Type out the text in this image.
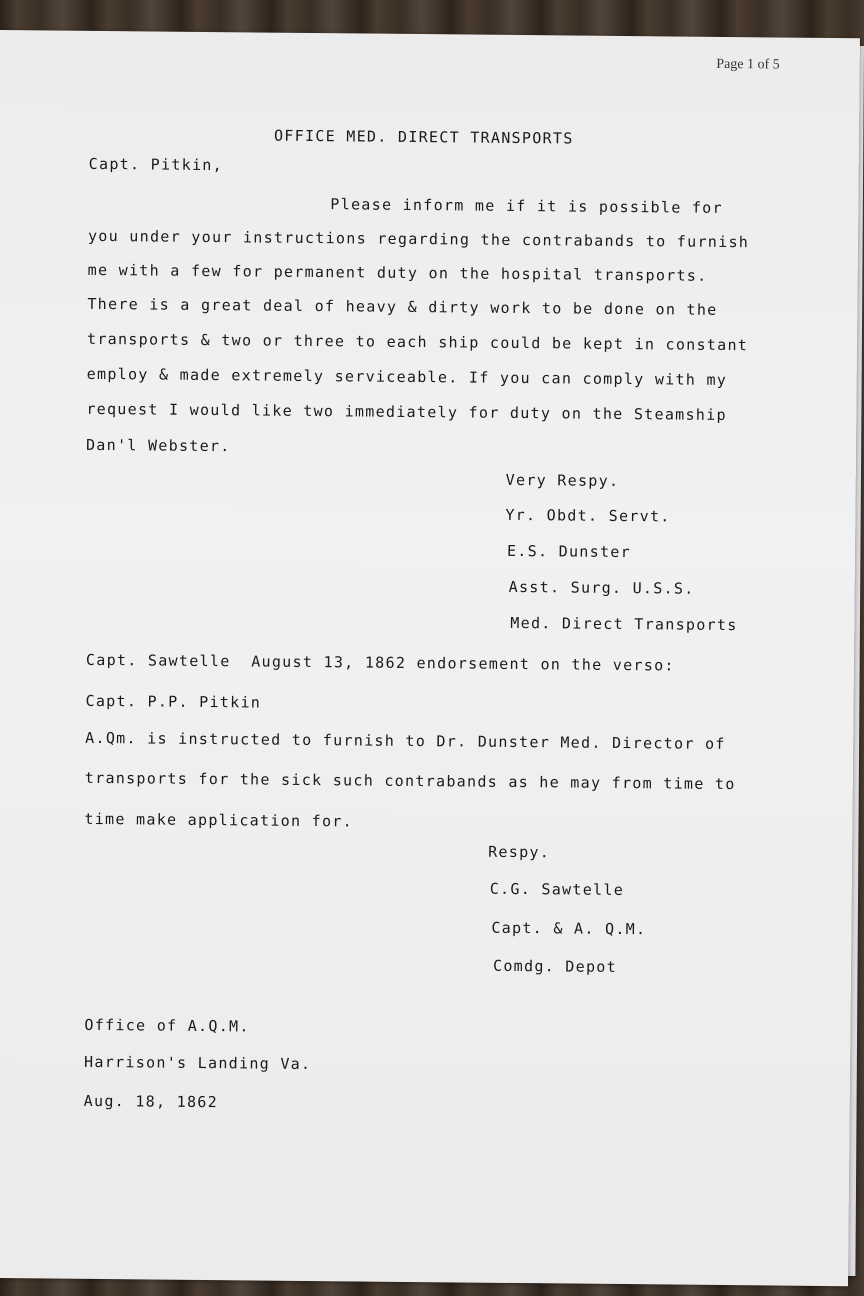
Page 1 of 5
OFFICE MED. DIRECT TRANSPORTS
Capt. Pitkin,
Please inform me if it is possible for
you under your instructions regarding the contrabands to furnish
me with a few for permanent duty on the hospital transports.
There is a great deal of heavy & dirty work to be done on the
transports & two or three to each ship could be kept in constant
employ & made extremely serviceable. If you can comply with my
request I would like two immediately for duty on the Steamship
Dan'l Webster.
Very Respy.
Yr. Obdt. Servt.
E.S. Dunster
Asst. Surg. U.S.S.
Med. Direct Transports
Capt. Sawtelle  August 13, 1862 endorsement on the verso:
Capt. P.P. Pitkin
A.Qm. is instructed to furnish to Dr. Dunster Med. Director of
transports for the sick such contrabands as he may from time to
time make application for.
Respy.
C.G. Sawtelle
Capt. & A. Q.M.
Comdg. Depot
Office of A.Q.M.
Harrison's Landing Va.
Aug. 18, 1862
